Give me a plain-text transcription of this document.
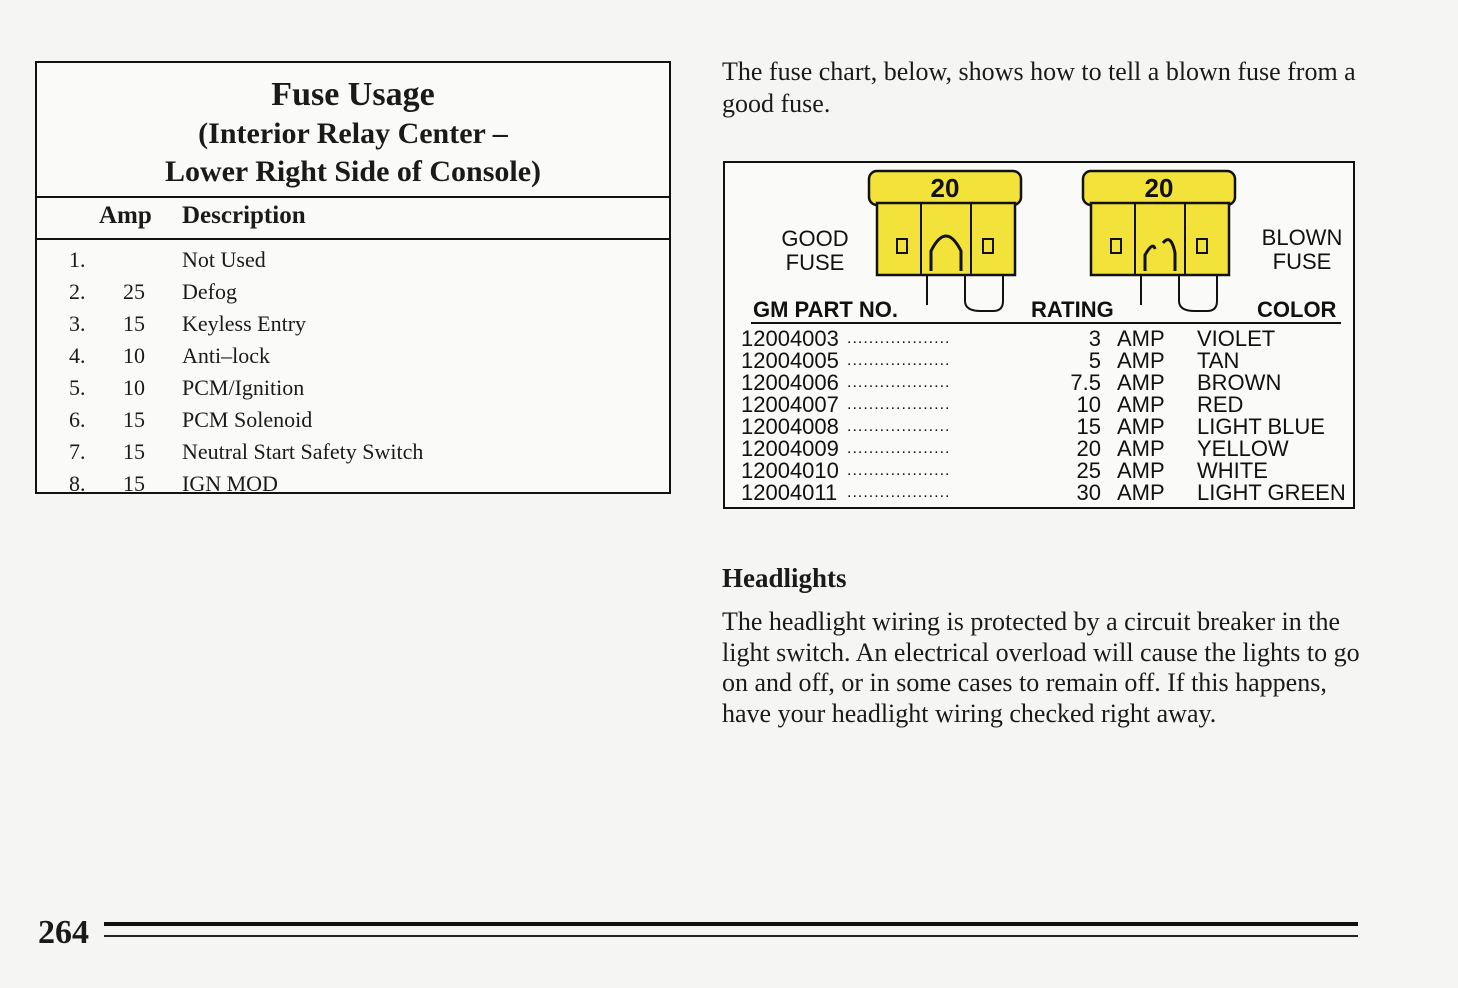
Fuse Usage
(Interior Relay Center –
Lower Right Side of Console)
Amp Description
1.	Not Used
2. 25 Defog
3. 15 Keyless Entry
4. 10 Anti–lock
5. 10 PCM/Ignition
6. 15 PCM Solenoid
7. 15 Neutral Start Safety Switch
8. 15 IGN MOD
The fuse chart, below, shows how to tell a blown fuse from a good fuse.
20	20
GOOD
FUSE
BLOWN
FUSE
GM PART NO.	RATING	COLOR
12004003 ...................	3 AMP VIOLET
12004005 ...................	5 AMP TAN
12004006 ...................	7.5 AMP BROWN
12004007 ...................	10 AMP RED
12004008 ...................	15 AMP LIGHT BLUE
12004009 ...................	20 AMP YELLOW
12004010 ...................	25 AMP WHITE
12004011 ...................	30 AMP LIGHT GREEN
Headlights
The headlight wiring is protected by a circuit breaker in the light switch. An electrical overload will cause the lights to go on and off, or in some cases to remain off. If this happens, have your headlight wiring checked right away.
264
